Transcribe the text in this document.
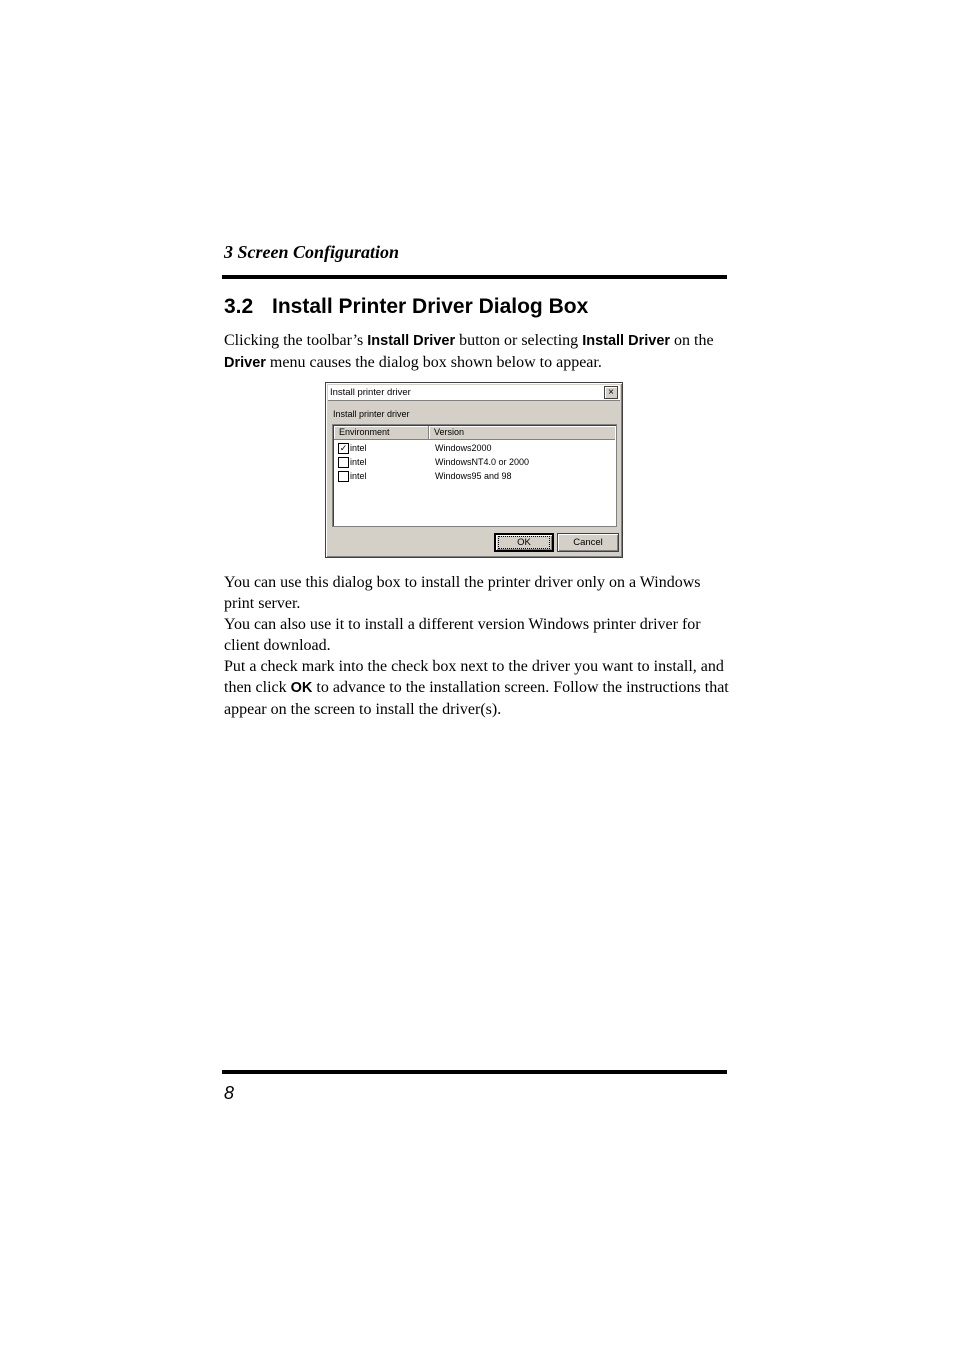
3 Screen Configuration
3.2 Install Printer Driver Dialog Box

Clicking the toolbar’s Install Driver button or selecting Install Driver on the Driver menu causes the dialog box shown below to appear.

Install printer driver	×
Install printer driver
Environment	Version
✓ intel	Windows2000
intel	WindowsNT4.0 or 2000
intel	Windows95 and 98
OK	Cancel
You can use this dialog box to install the printer driver only on a Windows print server.
You can also use it to install a different version Windows printer driver for client download.
Put a check mark into the check box next to the driver you want to install, and then click OK to advance to the installation screen. Follow the instructions that appear on the screen to install the driver(s).
8
